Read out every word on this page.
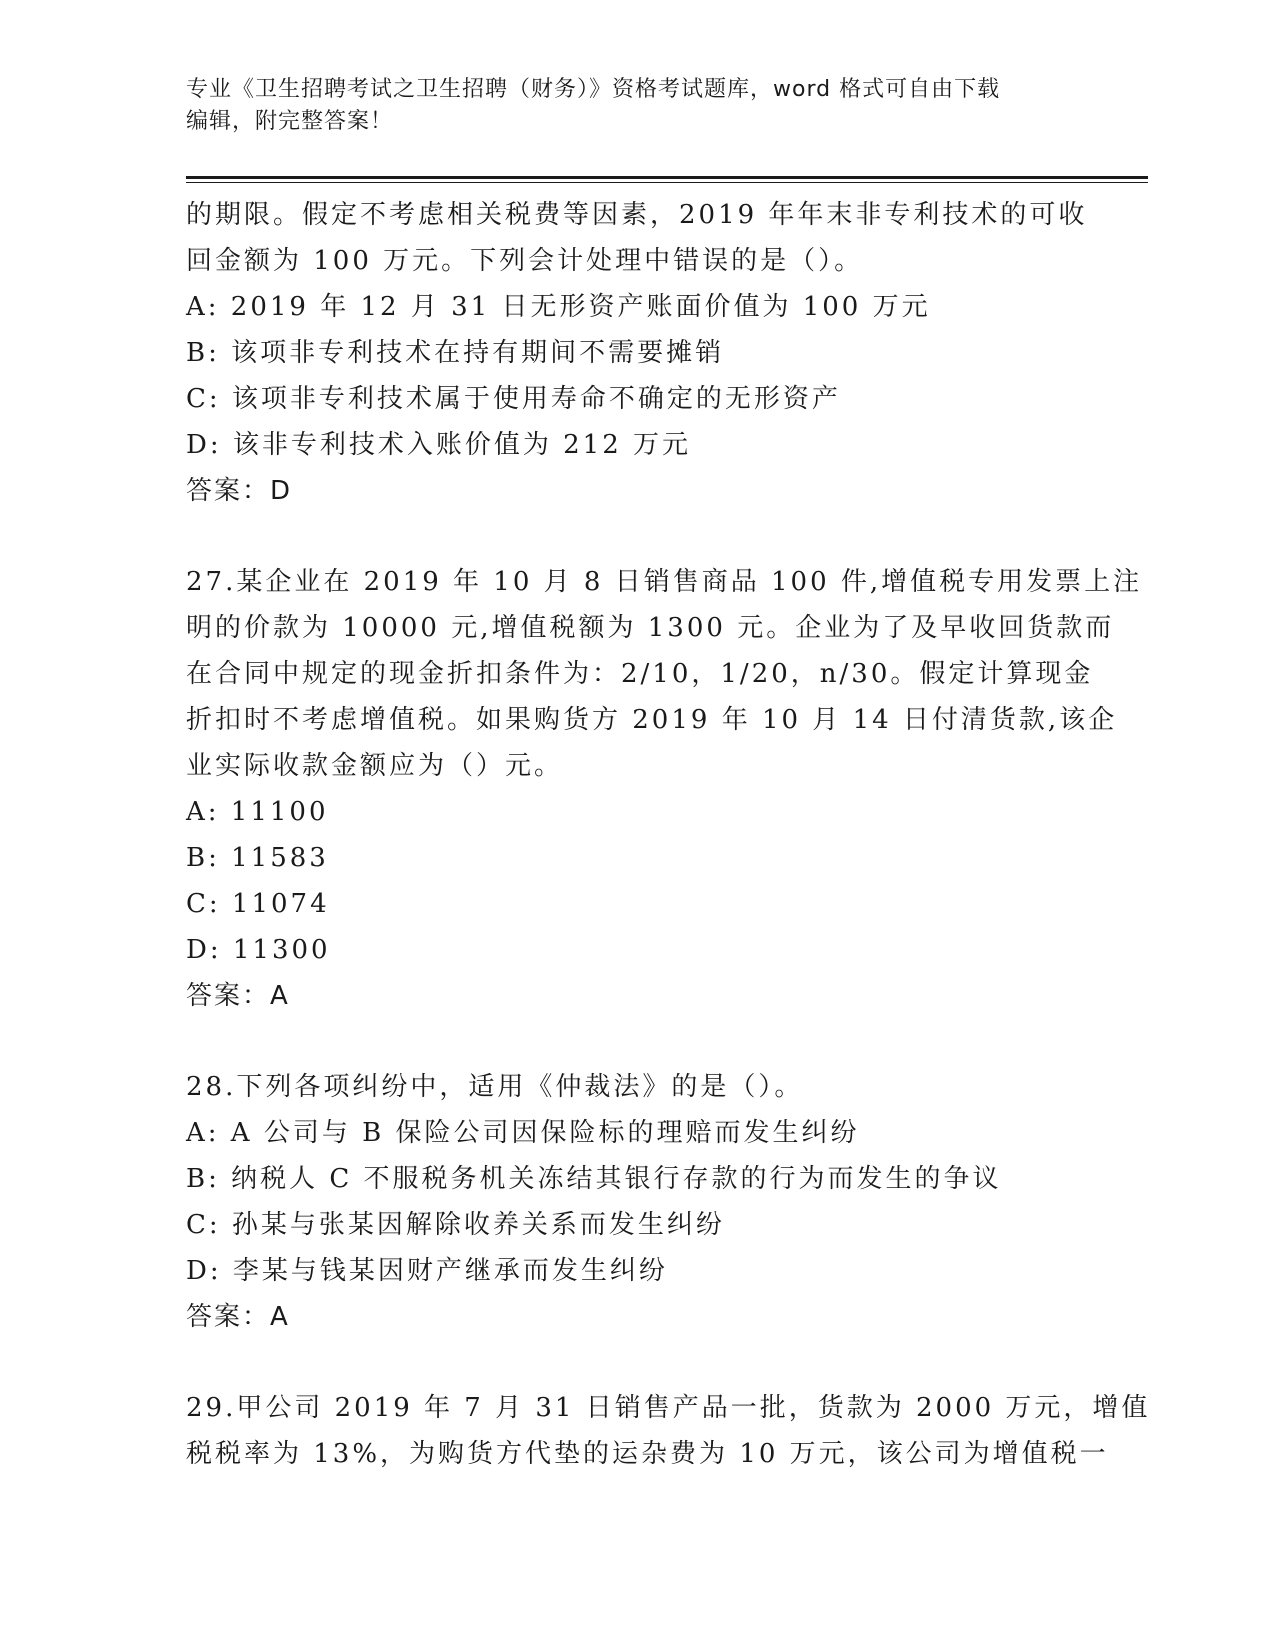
专业《卫生招聘考试之卫生招聘（财务）》资格考试题库，word 格式可自由下载
编辑，附完整答案！
的期限。假定不考虑相关税费等因素，2019 年年末非专利技术的可收
回金额为 100 万元。下列会计处理中错误的是（）。
A: 2019 年 12 月 31 日无形资产账面价值为 100 万元
B: 该项非专利技术在持有期间不需要摊销
C: 该项非专利技术属于使用寿命不确定的无形资产
D: 该非专利技术入账价值为 212 万元
答案：D
27.某企业在 2019 年 10 月 8 日销售商品 100 件,增值税专用发票上注
明的价款为 10000 元,增值税额为 1300 元。企业为了及早收回货款而
在合同中规定的现金折扣条件为：2/10，1/20，n/30。假定计算现金
折扣时不考虑增值税。如果购货方 2019 年 10 月 14 日付清货款,该企
业实际收款金额应为（）元。
A: 11100
B: 11583
C: 11074
D: 11300
答案：A
28.下列各项纠纷中，适用《仲裁法》的是（）。
A: A 公司与 B 保险公司因保险标的理赔而发生纠纷
B: 纳税人 C 不服税务机关冻结其银行存款的行为而发生的争议
C: 孙某与张某因解除收养关系而发生纠纷
D: 李某与钱某因财产继承而发生纠纷
答案：A
29.甲公司 2019 年 7 月 31 日销售产品一批，货款为 2000 万元，增值
税税率为 13%，为购货方代垫的运杂费为 10 万元，该公司为增值税一
